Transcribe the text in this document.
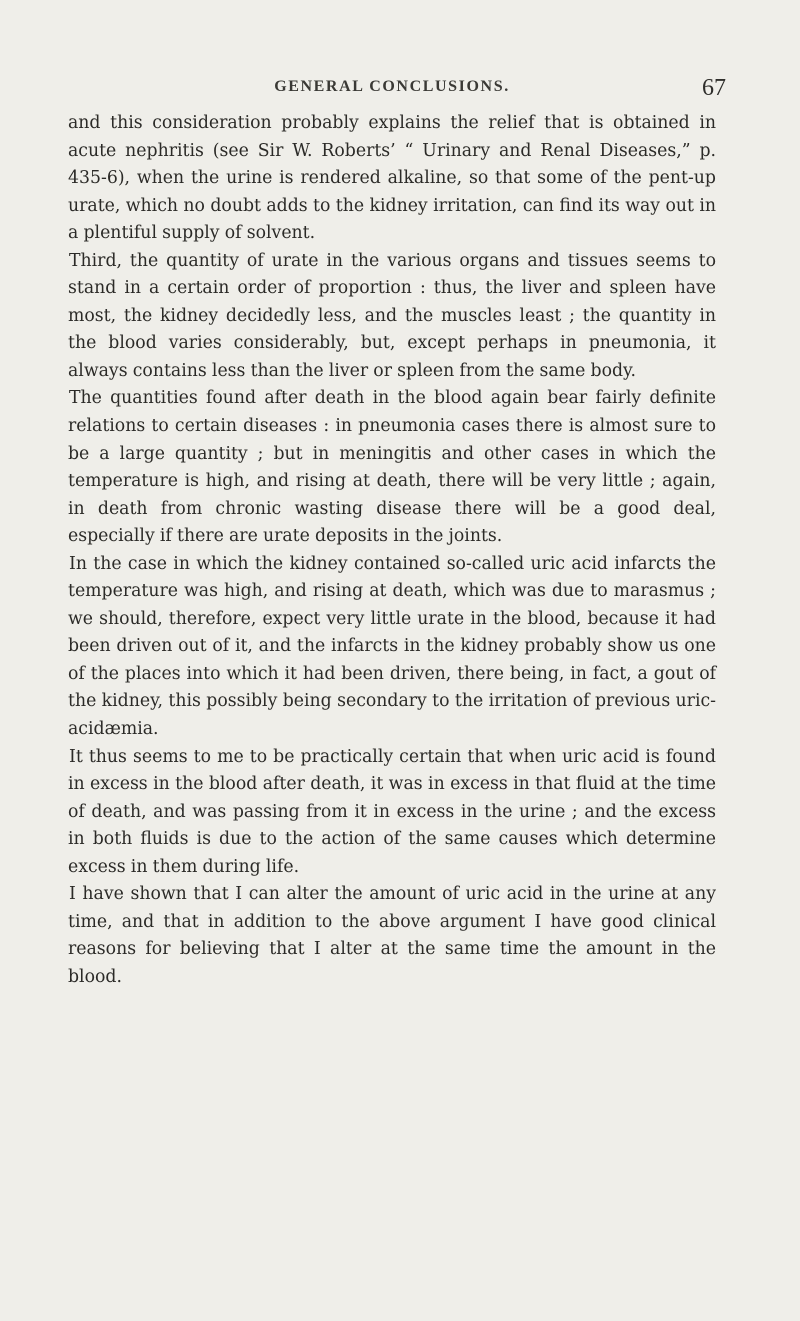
GENERAL CONCLUSIONS.	67

and this consideration probably explains the relief that is obtained in acute nephritis (see Sir W. Roberts’ “ Urinary and Renal Diseases,” p. 435-6), when the urine is rendered alkaline, so that some of the pent-up urate, which no doubt adds to the kidney irritation, can find its way out in a plentiful supply of solvent.

Third, the quantity of urate in the various organs and tissues seems to stand in a certain order of proportion : thus, the liver and spleen have most, the kidney decidedly less, and the muscles least ; the quantity in the blood varies considerably, but, except perhaps in pneumonia, it always contains less than the liver or spleen from the same body.

The quantities found after death in the blood again bear fairly definite relations to certain diseases : in pneumonia cases there is almost sure to be a large quantity ; but in meningitis and other cases in which the temperature is high, and rising at death, there will be very little ; again, in death from chronic wasting disease there will be a good deal, especially if there are urate deposits in the joints.

In the case in which the kidney contained so-called uric acid infarcts the temperature was high, and rising at death, which was due to marasmus ; we should, therefore, expect very little urate in the blood, because it had been driven out of it, and the infarcts in the kidney probably show us one of the places into which it had been driven, there being, in fact, a gout of the kidney, this possibly being secondary to the irritation of previous uric-acidæmia.

It thus seems to me to be practically certain that when uric acid is found in excess in the blood after death, it was in excess in that fluid at the time of death, and was passing from it in excess in the urine ; and the excess in both fluids is due to the action of the same causes which determine excess in them during life.

I have shown that I can alter the amount of uric acid in the urine at any time, and that in addition to the above argument I have good clinical reasons for believing that I alter at the same time the amount in the blood.
